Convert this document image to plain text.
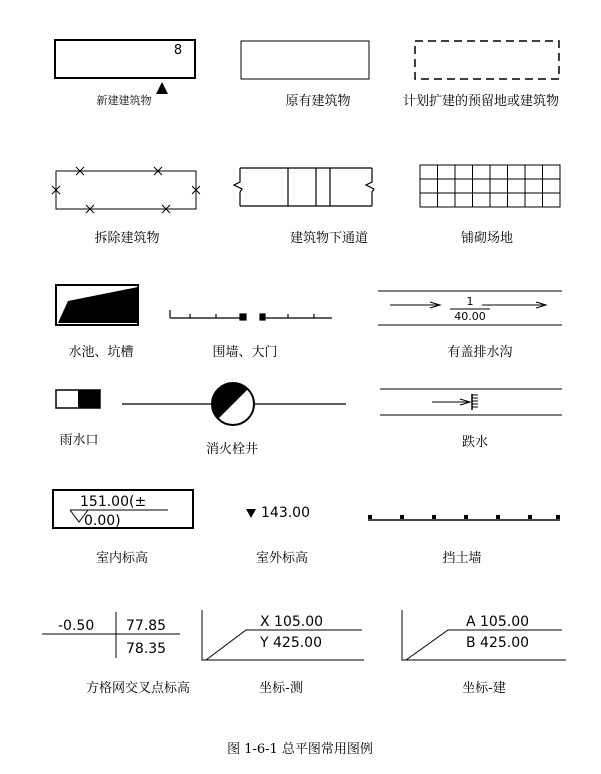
8
新建建筑物	原有建筑物	计划扩建的预留地或建筑物
拆除建筑物	建筑物下通道	铺砌场地
水池、坑槽	围墙、大门
1
40.00
有盖排水沟
雨水口
消火栓井	跌水
151.00(±
0.00)
室内标高
143.00
室外标高	挡土墙
-0.50 77.85
78.35
方格网交叉点标高
X 105.00
Y 425.00
坐标-测
A 105.00
B 425.00
坐标-建
图 1-6-1 总平图常用图例
